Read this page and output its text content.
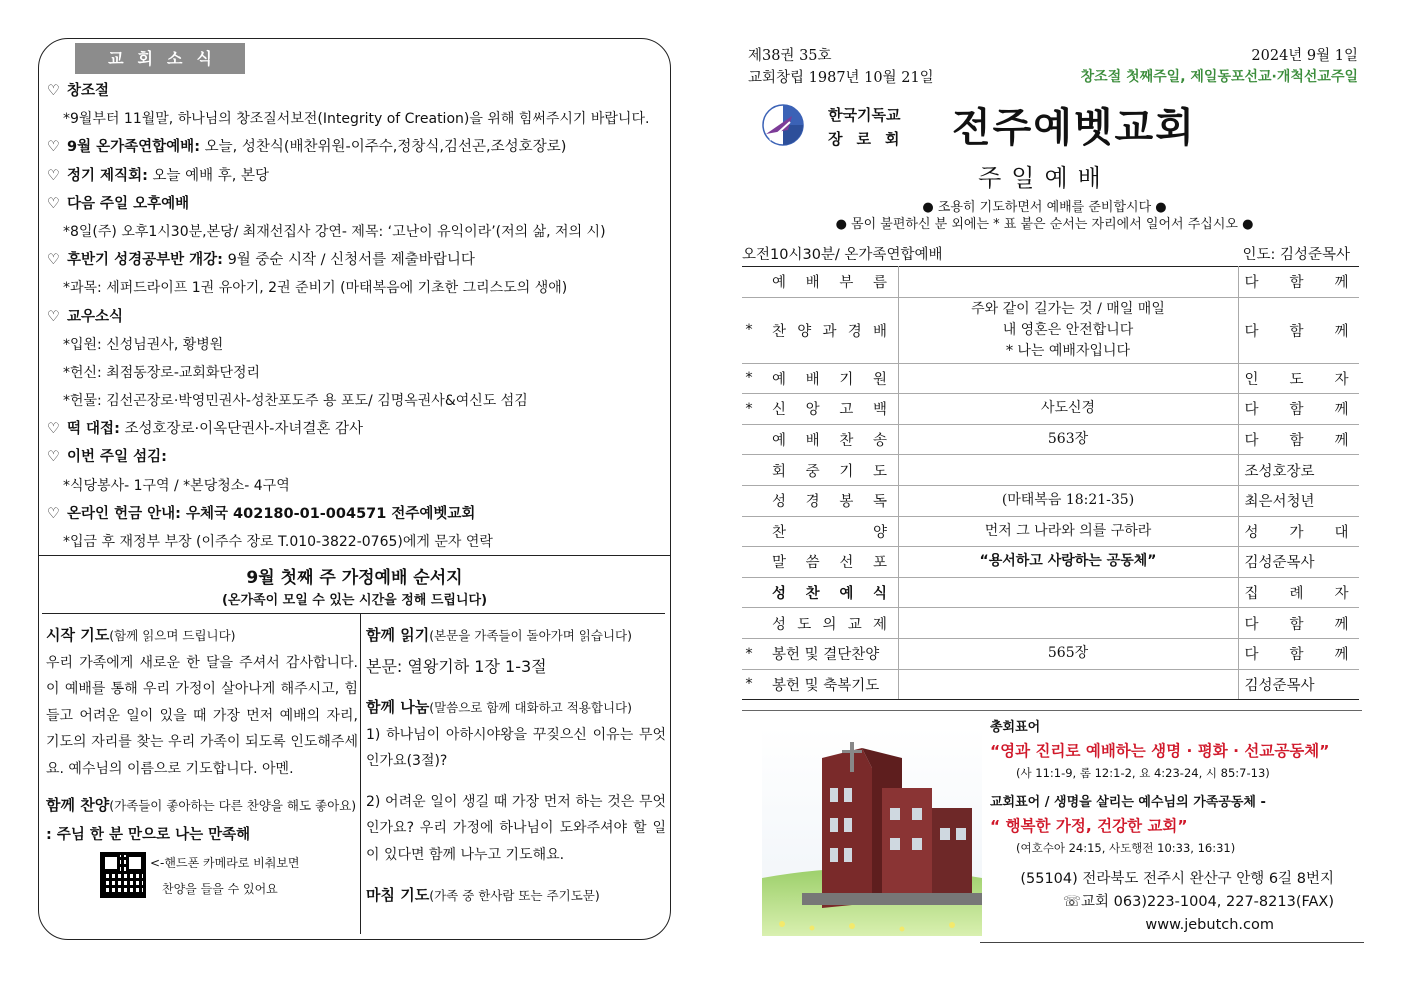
교회소식
♡ 창조절
*9월부터 11월말, 하나님의 창조질서보전(Integrity of Creation)을 위해 힘써주시기 바랍니다.
♡ 9월 온가족연합예배: 오늘, 성찬식(배찬위원-이주수,정창식,김선곤,조성호장로)
♡ 정기 제직회: 오늘 예배 후, 본당
♡ 다음 주일 오후예배
*8일(주) 오후1시30분,본당/ 최재선집사 강연- 제목: ‘고난이 유익이라’(저의 삶, 저의 시)
♡ 후반기 성경공부반 개강: 9월 중순 시작 / 신청서를 제출바랍니다
*과목: 세퍼드라이프 1권 유아기, 2권 준비기 (마태복음에 기초한 그리스도의 생애)
♡ 교우소식
*입원: 신성님권사, 황병원
*헌신: 최점동장로-교회화단정리
*헌물: 김선곤장로·박영민권사-성찬포도주 용 포도/ 김명옥권사&여신도 섬김
♡ 떡 대접: 조성호장로·이옥단권사-자녀결혼 감사
♡ 이번 주일 섬김:
*식당봉사- 1구역 / *본당청소- 4구역
♡ 온라인 헌금 안내: 우체국 402180-01-004571 전주예벳교회
*입금 후 재정부 부장 (이주수 장로 T.010-3822-0765)에게 문자 연락
9월 첫째 주 가정예배 순서지
(온가족이 모일 수 있는 시간을 정해 드립니다)
시작 기도(함께 읽으며 드립니다)
우리 가족에게 새로운 한 달을 주셔서 감사합니다. 이 예배를 통해 우리 가정이 살아나게 해주시고, 힘들고 어려운 일이 있을 때 가장 먼저 예배의 자리, 기도의 자리를 찾는 우리 가족이 되도록 인도해주세요. 예수님의 이름으로 기도합니다. 아멘.
함께 찬양(가족들이 좋아하는 다른 찬양을 해도 좋아요)
: 주님 한 분 만으로 나는 만족해
<-핸드폰 카메라로 비춰보면
찬양을 들을 수 있어요
함께 읽기(본문을 가족들이 돌아가며 읽습니다)
본문: 열왕기하 1장 1-3절
함께 나눔(말씀으로 함께 대화하고 적용합니다)
1) 하나님이 아하시야왕을 꾸짖으신 이유는 무엇인가요(3절)?
2) 어려운 일이 생길 때 가장 먼저 하는 것은 무엇인가요? 우리 가정에 하나님이 도와주셔야 할 일이 있다면 함께 나누고 기도해요.
마침 기도(가족 중 한사람 또는 주기도문)
제38권 35호
교회창립 1987년 10월 21일
2024년 9월 1일
창조절 첫째주일, 제일동포선교·개척선교주일
한국기독교
장로회 전주예벳교회
주일예배
● 조용히 기도하면서 예배를 준비합시다 ●
● 몸이 불편하신 분 외에는 * 표 붙은 순서는 자리에서 일어서 주십시오 ●
오전10시30분/ 온가족연합예배	인도: 김성준목사

	예 배 부 름		다 함 께

*	찬 양 과 경 배	주와 같이 길가는 것 / 매일 매일
내 영혼은 안전합니다
* 나는 예배자입니다	다 함 께

*	예 배 기 원		인 도 자

*	신 앙 고 백	사도신경	다 함 께

	예 배 찬 송	563장	다 함 께

	회 중 기 도		조성호장로

	성 경 봉 독	(마태복음 18:21-35)	최은서청년

	찬 양	먼저 그 나라와 의를 구하라	성 가 대

	말 씀 선 포	“용서하고 사랑하는 공동체”	김성준목사

	성 찬 예 식		집 례 자

	성 도 의 교 제		다 함 께

*	봉헌 및 결단찬양	565장	다 함 께

*	봉헌 및 축복기도		김성준목사
총회표어
“영과 진리로 예배하는 생명 · 평화 · 선교공동체”
(사 11:1-9, 롬 12:1-2, 요 4:23-24, 시 85:7-13)
교회표어 / 생명을 살리는 예수님의 가족공동체 -
“ 행복한 가정, 건강한 교회”
(여호수아 24:15, 사도행전 10:33, 16:31)
(55104) 전라북도 전주시 완산구 안행 6길 8번지
☏교회 063)223-1004, 227-8213(FAX)
www.jebutch.com
